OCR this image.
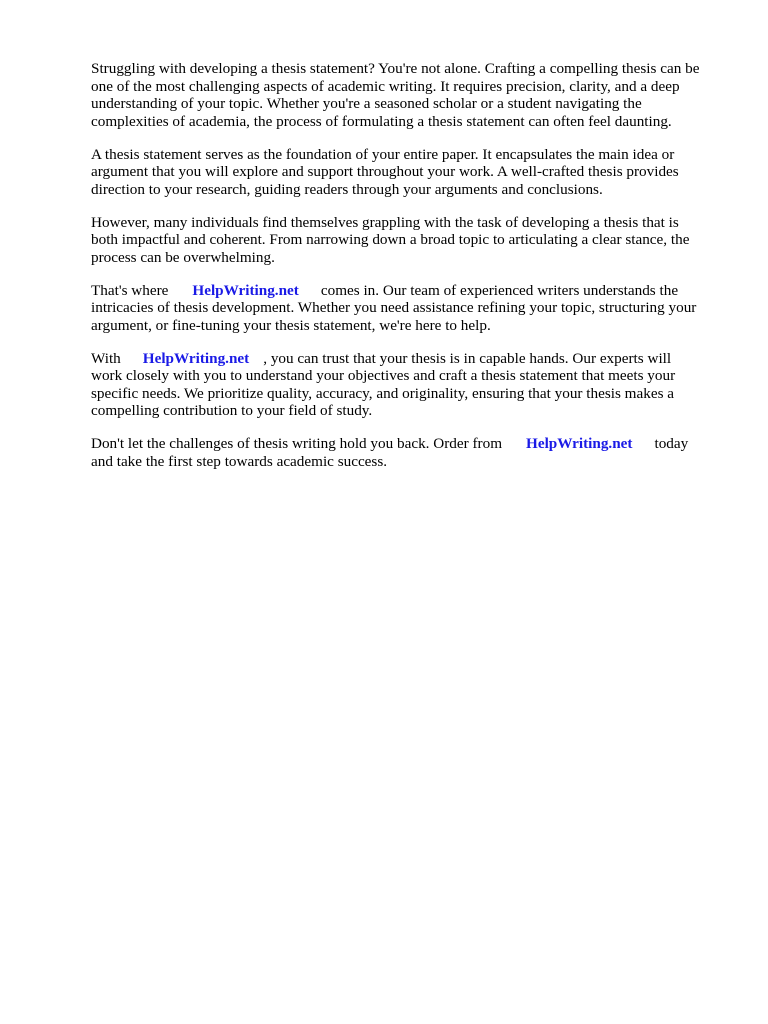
Struggling with developing a thesis statement? You're not alone. Crafting a compelling thesis can be
one of the most challenging aspects of academic writing. It requires precision, clarity, and a deep
understanding of your topic. Whether you're a seasoned scholar or a student navigating the
complexities of academia, the process of formulating a thesis statement can often feel daunting.

A thesis statement serves as the foundation of your entire paper. It encapsulates the main idea or
argument that you will explore and support throughout your work. A well-crafted thesis provides
direction to your research, guiding readers through your arguments and conclusions.

However, many individuals find themselves grappling with the task of developing a thesis that is
both impactful and coherent. From narrowing down a broad topic to articulating a clear stance, the
process can be overwhelming.

That's where HelpWriting.net comes in. Our team of experienced writers understands the
intricacies of thesis development. Whether you need assistance refining your topic, structuring your
argument, or fine-tuning your thesis statement, we're here to help.

With HelpWriting.net , you can trust that your thesis is in capable hands. Our experts will
work closely with you to understand your objectives and craft a thesis statement that meets your
specific needs. We prioritize quality, accuracy, and originality, ensuring that your thesis makes a
compelling contribution to your field of study.

Don't let the challenges of thesis writing hold you back. Order from HelpWriting.net today
and take the first step towards academic success.
